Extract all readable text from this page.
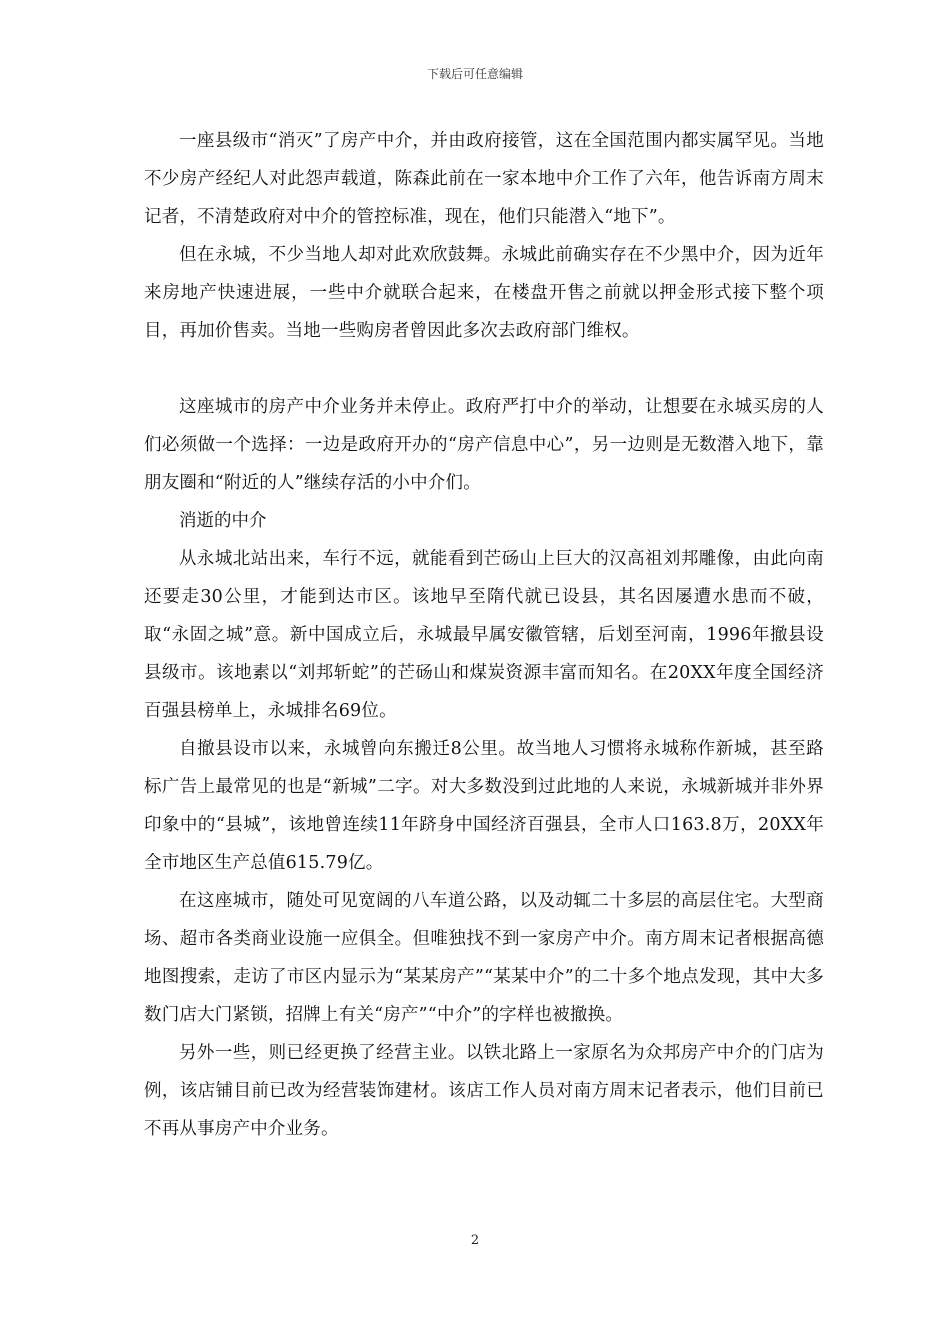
下载后可任意编辑

一座县级市“消灭”了房产中介，并由政府接管，这在全国范围内都实属罕见。当地不少房产经纪人对此怨声载道，陈森此前在一家本地中介工作了六年，他告诉南方周末记者，不清楚政府对中介的管控标准，现在，他们只能潜入“地下”。

但在永城，不少当地人却对此欢欣鼓舞。永城此前确实存在不少黑中介，因为近年来房地产快速进展，一些中介就联合起来，在楼盘开售之前就以押金形式接下整个项目，再加价售卖。当地一些购房者曾因此多次去政府部门维权。

这座城市的房产中介业务并未停止。政府严打中介的举动，让想要在永城买房的人们必须做一个选择：一边是政府开办的“房产信息中心”，另一边则是无数潜入地下，靠朋友圈和“附近的人”继续存活的小中介们。

消逝的中介

从永城北站出来，车行不远，就能看到芒砀山上巨大的汉高祖刘邦雕像，由此向南还要走30公里，才能到达市区。该地早至隋代就已设县，其名因屡遭水患而不破，取“永固之城”意。新中国成立后，永城最早属安徽管辖，后划至河南，1996年撤县设县级市。该地素以“刘邦斩蛇”的芒砀山和煤炭资源丰富而知名。在20XX年度全国经济百强县榜单上，永城排名69位。

自撤县设市以来，永城曾向东搬迁8公里。故当地人习惯将永城称作新城，甚至路标广告上最常见的也是“新城”二字。对大多数没到过此地的人来说，永城新城并非外界印象中的“县城”，该地曾连续11年跻身中国经济百强县，全市人口163.8万，20XX年全市地区生产总值615.79亿。

在这座城市，随处可见宽阔的八车道公路，以及动辄二十多层的高层住宅。大型商场、超市各类商业设施一应俱全。但唯独找不到一家房产中介。南方周末记者根据高德地图搜索，走访了市区内显示为“某某房产”“某某中介”的二十多个地点发现，其中大多数门店大门紧锁，招牌上有关“房产”“中介”的字样也被撤换。

另外一些，则已经更换了经营主业。以铁北路上一家原名为众邦房产中介的门店为例，该店铺目前已改为经营装饰建材。该店工作人员对南方周末记者表示，他们目前已不再从事房产中介业务。

2
